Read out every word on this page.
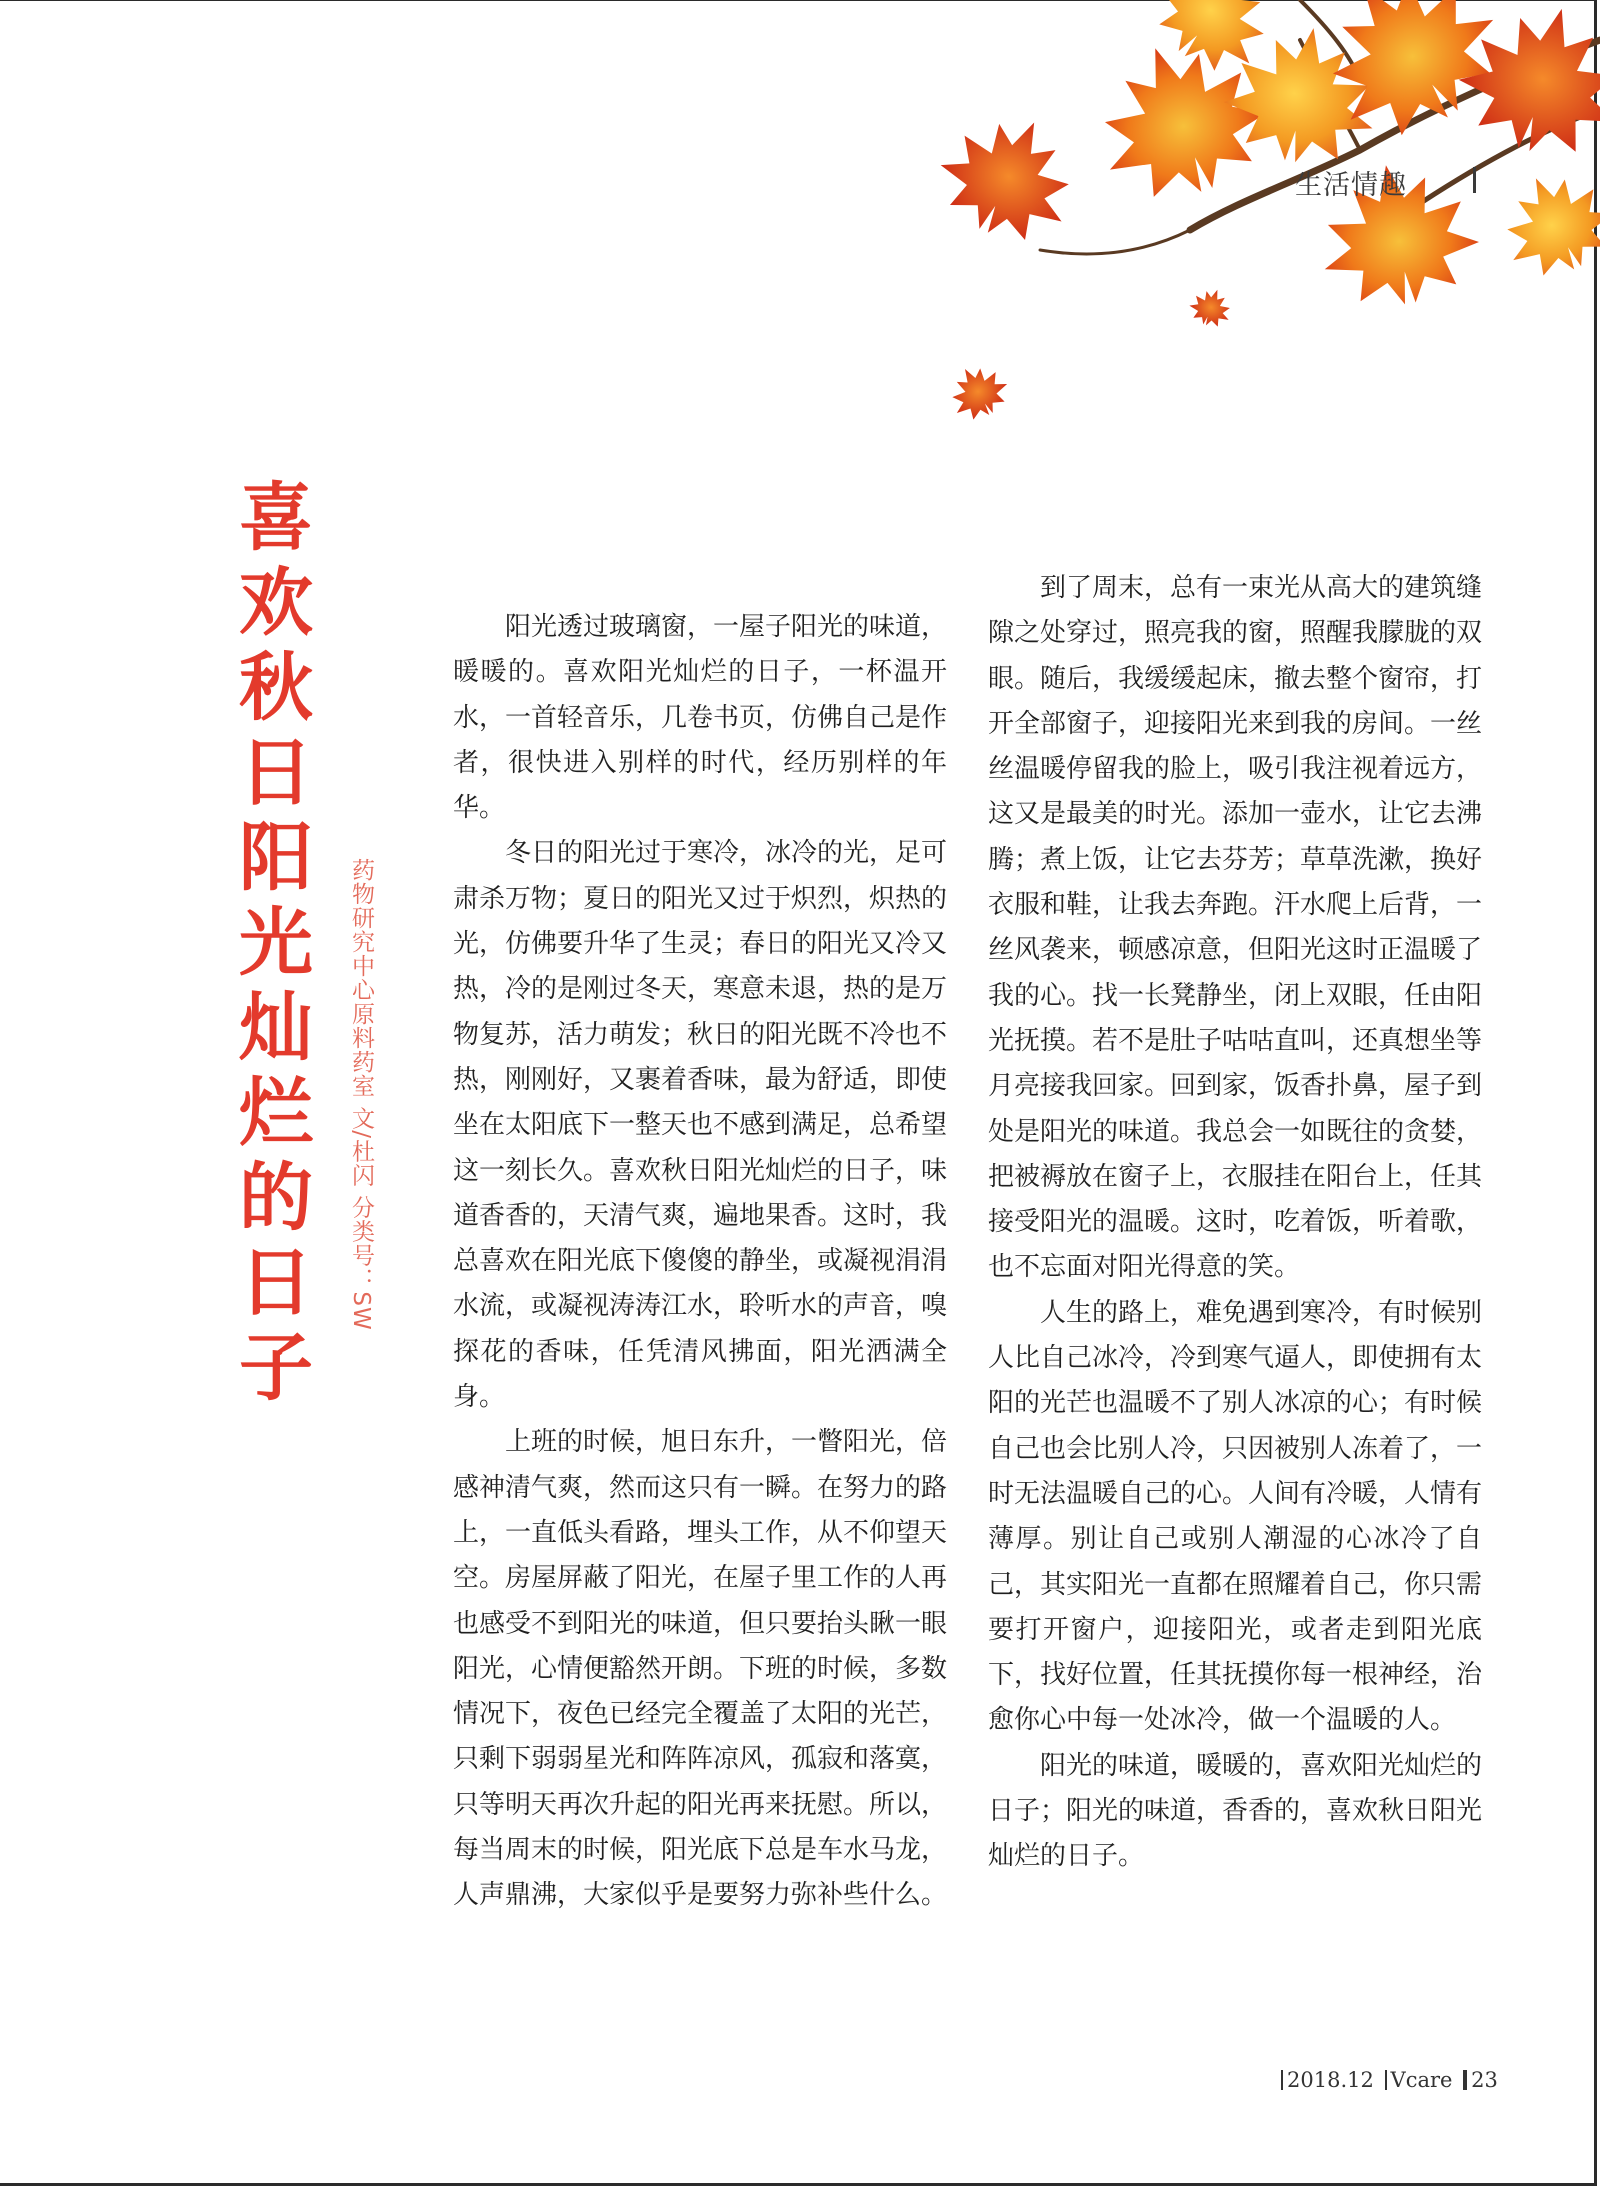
生活情趣
喜欢秋日阳光灿烂的日子	药物研究中心原料药室 文/杜闪 分类号：SW

阳光透过玻璃窗，一屋子阳光的味道，暖暖的。喜欢阳光灿烂的日子，一杯温开水，一首轻音乐，几卷书页，仿佛自己是作者，很快进入别样的时代，经历别样的年华。

冬日的阳光过于寒冷，冰冷的光，足可肃杀万物；夏日的阳光又过于炽烈，炽热的光，仿佛要升华了生灵；春日的阳光又冷又热，冷的是刚过冬天，寒意未退，热的是万物复苏，活力萌发；秋日的阳光既不冷也不热，刚刚好，又裹着香味，最为舒适，即使坐在太阳底下一整天也不感到满足，总希望这一刻长久。喜欢秋日阳光灿烂的日子，味道香香的，天清气爽，遍地果香。这时，我总喜欢在阳光底下傻傻的静坐，或凝视涓涓水流，或凝视涛涛江水，聆听水的声音，嗅探花的香味，任凭清风拂面，阳光洒满全身。

上班的时候，旭日东升，一瞥阳光，倍感神清气爽，然而这只有一瞬。在努力的路上，一直低头看路，埋头工作，从不仰望天空。房屋屏蔽了阳光，在屋子里工作的人再也感受不到阳光的味道，但只要抬头瞅一眼阳光，心情便豁然开朗。下班的时候，多数情况下，夜色已经完全覆盖了太阳的光芒，只剩下弱弱星光和阵阵凉风，孤寂和落寞，只等明天再次升起的阳光再来抚慰。所以，每当周末的时候，阳光底下总是车水马龙，人声鼎沸，大家似乎是要努力弥补些什么。

到了周末，总有一束光从高大的建筑缝隙之处穿过，照亮我的窗，照醒我朦胧的双眼。随后，我缓缓起床，撤去整个窗帘，打开全部窗子，迎接阳光来到我的房间。一丝丝温暖停留我的脸上，吸引我注视着远方，这又是最美的时光。添加一壶水，让它去沸腾；煮上饭，让它去芬芳；草草洗漱，换好衣服和鞋，让我去奔跑。汗水爬上后背，一丝风袭来，顿感凉意，但阳光这时正温暖了我的心。找一长凳静坐，闭上双眼，任由阳光抚摸。若不是肚子咕咕直叫，还真想坐等月亮接我回家。回到家，饭香扑鼻，屋子到处是阳光的味道。我总会一如既往的贪婪，把被褥放在窗子上，衣服挂在阳台上，任其接受阳光的温暖。这时，吃着饭，听着歌，也不忘面对阳光得意的笑。

人生的路上，难免遇到寒冷，有时候别人比自己冰冷，冷到寒气逼人，即使拥有太阳的光芒也温暖不了别人冰凉的心；有时候自己也会比别人冷，只因被别人冻着了，一时无法温暖自己的心。人间有冷暖，人情有薄厚。别让自己或别人潮湿的心冰冷了自己，其实阳光一直都在照耀着自己，你只需要打开窗户，迎接阳光，或者走到阳光底下，找好位置，任其抚摸你每一根神经，治愈你心中每一处冰冷，做一个温暖的人。

阳光的味道，暖暖的，喜欢阳光灿烂的日子；阳光的味道，香香的，喜欢秋日阳光灿烂的日子。

2018.12 Vcare 23
